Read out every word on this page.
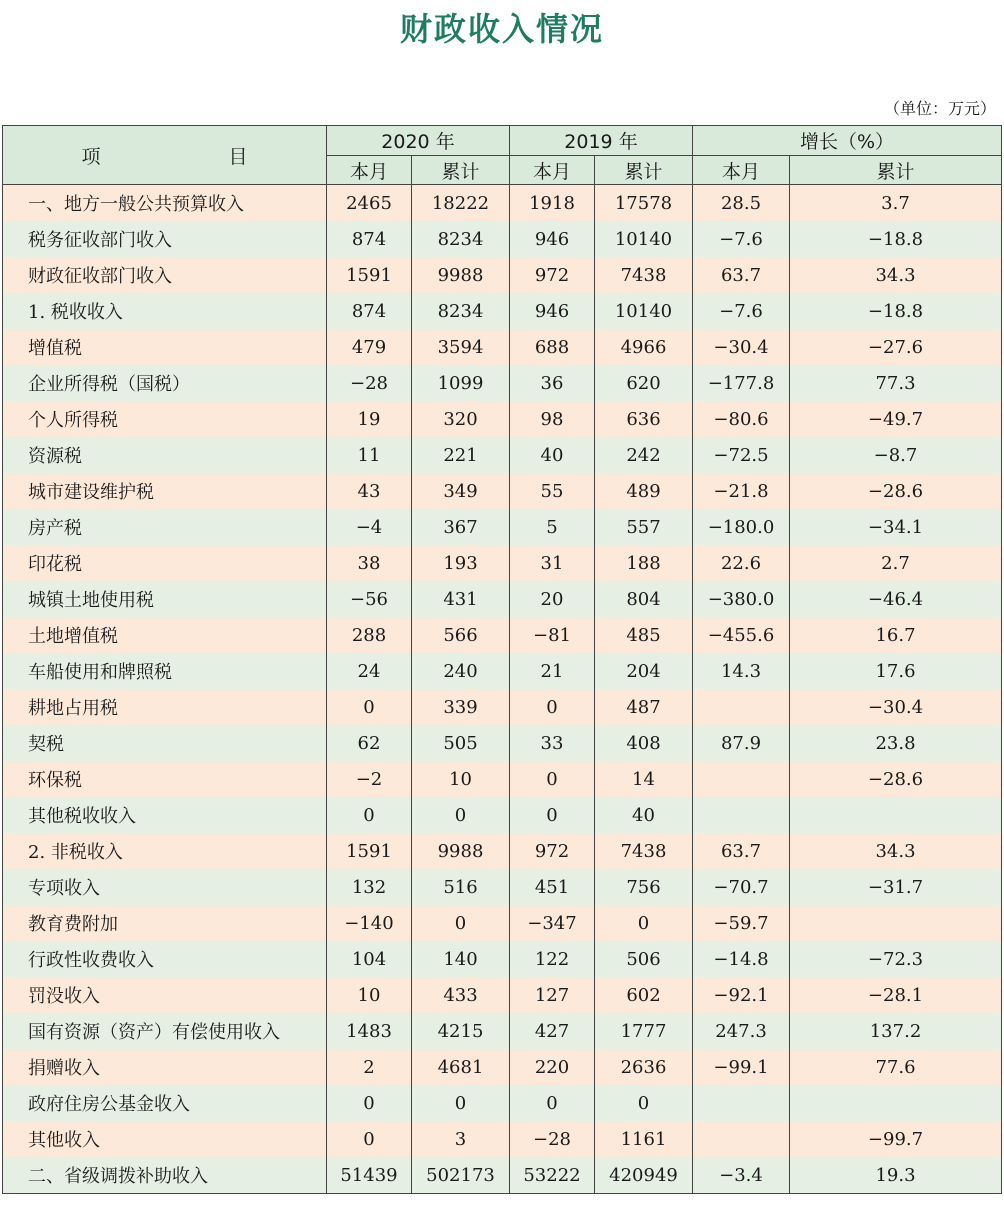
财政收入情况
（单位：万元）
项　　目	2020 年		2019 年		增长（%）	
	本月	累计	本月	累计	本月	累计
一、地方一般公共预算收入	2465	18222	1918	17578	28.5	3.7
税务征收部门收入	874	8234	946	10140	−7.6	−18.8
财政征收部门收入	1591	9988	972	7438	63.7	34.3
1. 税收收入	874	8234	946	10140	−7.6	−18.8
增值税	479	3594	688	4966	−30.4	−27.6
企业所得税（国税）	−28	1099	36	620	−177.8	77.3
个人所得税	19	320	98	636	−80.6	−49.7
资源税	11	221	40	242	−72.5	−8.7
城市建设维护税	43	349	55	489	−21.8	−28.6
房产税	−4	367	5	557	−180.0	−34.1
印花税	38	193	31	188	22.6	2.7
城镇土地使用税	−56	431	20	804	−380.0	−46.4
土地增值税	288	566	−81	485	−455.6	16.7
车船使用和牌照税	24	240	21	204	14.3	17.6
耕地占用税	0	339	0	487		−30.4
契税	62	505	33	408	87.9	23.8
环保税	−2	10	0	14		−28.6
其他税收收入	0	0	0	40		
2. 非税收入	1591	9988	972	7438	63.7	34.3
专项收入	132	516	451	756	−70.7	−31.7
教育费附加	−140	0	−347	0	−59.7	
行政性收费收入	104	140	122	506	−14.8	−72.3
罚没收入	10	433	127	602	−92.1	−28.1
国有资源（资产）有偿使用收入	1483	4215	427	1777	247.3	137.2
捐赠收入	2	4681	220	2636	−99.1	77.6
政府住房公基金收入	0	0	0	0		
其他收入	0	3	−28	1161		−99.7
二、省级调拨补助收入	51439	502173	53222	420949	−3.4	19.3
